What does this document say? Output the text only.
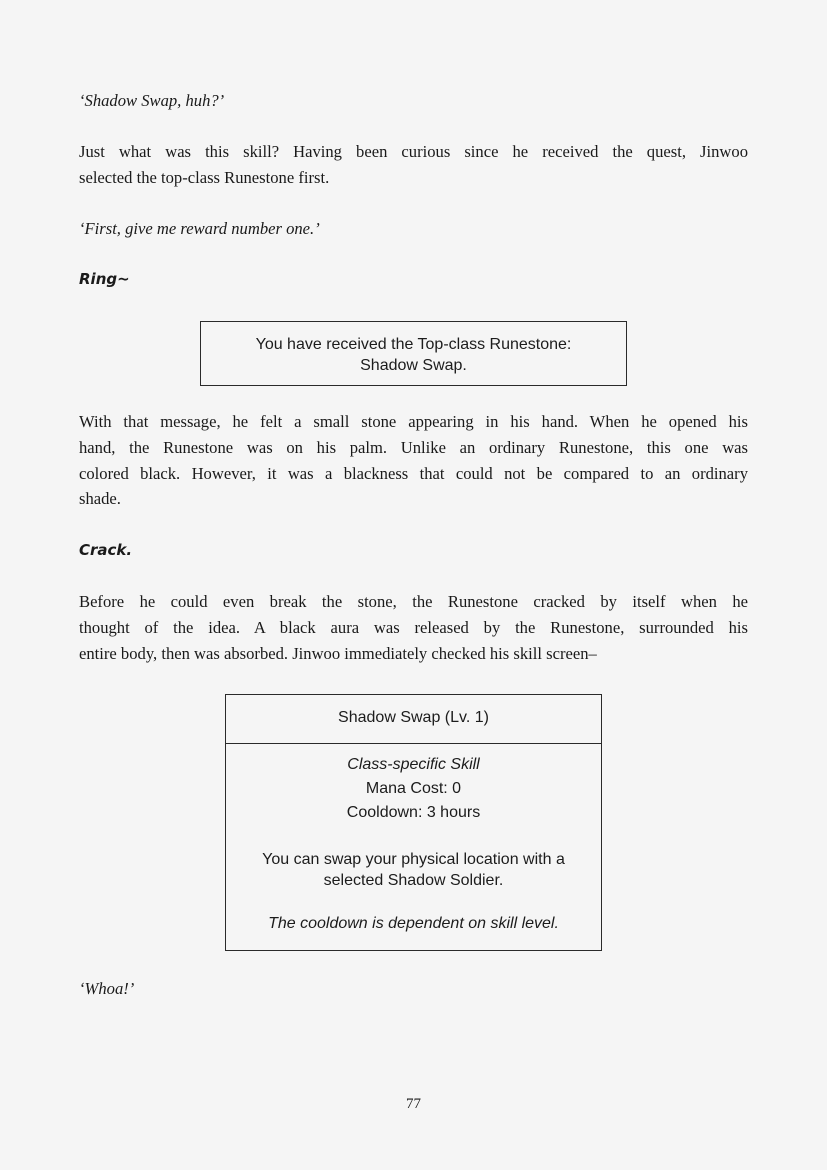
‘Shadow Swap, huh?’
Just what was this skill? Having been curious since he received the quest, Jinwoo
selected the top-class Runestone first.
‘First, give me reward number one.’
Ring~
You have received the Top-class Runestone:
Shadow Swap.
With that message, he felt a small stone appearing in his hand. When he opened his
hand, the Runestone was on his palm. Unlike an ordinary Runestone, this one was
colored black. However, it was a blackness that could not be compared to an ordinary
shade.
Crack.
Before he could even break the stone, the Runestone cracked by itself when he
thought of the idea. A black aura was released by the Runestone, surrounded his
entire body, then was absorbed. Jinwoo immediately checked his skill screen–
Shadow Swap (Lv. 1)
Class-specific Skill
Mana Cost: 0
Cooldown: 3 hours
You can swap your physical location with a
selected Shadow Soldier.
The cooldown is dependent on skill level.
‘Whoa!’
77
